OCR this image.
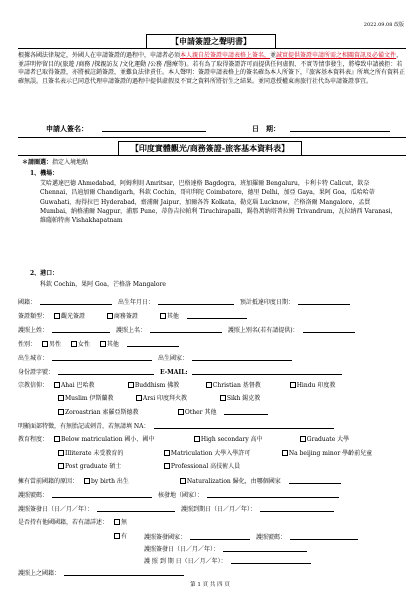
2022.09.08 改版
【申請簽證之聲明書】
根據各國法律規定，外國人在申請簽證的過程中，申請者必須本人親自於簽證申請表格上簽名，並誠實提供簽證申請所需之相關資訊及必備文件，並詳明停留目的(旅遊 /商務 /探親訪友 /文化運動 /公務 /醫療等)。若有為了取得簽證許可而提供任何虛假、不實等情事發生，將導致申請被拒：若申請者已取得簽證，亦將被註銷簽證，並難負法律責任。本人聲明：簽證申請表格上的簽名確為本人所簽下，『旅客基本資料表』所填之所有資料正確無誤。且簽名表示已同意代理申請簽證的過程中提供虛假及不實之資料所將衍生之結果。並同意授權東南旅行社代為申請簽證事宜。
申請人簽名：	日　期：
【印度實體觀光/商務簽證-旅客基本資料表】
＊請圈選：指定入境地點
1、機場：
艾哈邁達巴德 Ahmedabad，阿姆利則 Amritsar，巴格達格 Bagdogra，班加羅爾 Bengaluru，卡利卡特 Calicut，欽奈 Chennai，昌迪加爾 Chandigarh，科欽 Cochin，哥印拜陀 Coimbatore，德里 Delhi，加亞 Gaya，果阿 Goa，瓜哈哈蒂 Guwahati，海得拉巴 Hyderabad，齋浦爾 Jaipur，加爾各答 Kolkata，勒克瑙 Lucknow，芒格洛爾 Mangalore，孟買 Mumbai，納格浦爾 Nagpur，浦那 Pune，蒂魯吉拉帕利 Tiruchirapalli，錫魯萬納塔普拉姆 Trivandrum，瓦拉納西 Varanasi，維薩帕特南 Vishakhapatnam
2、港口：
科欽 Cochin，果阿 Goa，芒格洛 Mangalore
國籍：	出生年月日：	預計抵達印度日期：
簽證類型： 觀光簽證	商務簽證	其他
護照上姓：	護照上名：	護照上別名(若有請提供)：
性別： 男性	女性	其他
出生城市：	出生國家：
身份證字號：	E-MAIL:
宗教信仰： Ahai 巴哈教	Buddhism 佛教	Christian 基督教	Hindu 印度教
Muslim 伊斯蘭教	Arsi 印度拜火教	Sikh 錫克教
Zoroastrian 索羅亞斯德教	Other 其他
明顯面部特徵，有無胎記或刺青，若無請填 NA：
教育程度： Below matriculation 國小、國中	High secondary 高中	Graduate 大學
Illiterate 未受教育的	Matriculation 大學入學許可	Na beijing minor 學齡前兒童
Post graduate 碩士	Professional 高技術人員
擁有當前國籍的原因： by birth 出生	Naturalization 歸化，由哪個國家
護照號碼：	核發地（國家）：
護照簽發日（日／月／年）：	護照到期日（日／月／年）：
是否持有他國國籍，若有請詳述： 無
有	護照簽發國家：	護照號碼：
護照簽發日（日／月／年）：
護 照 到 期 日（日／月／年）：
護照上之國籍：
第 1 頁 共 四 頁
